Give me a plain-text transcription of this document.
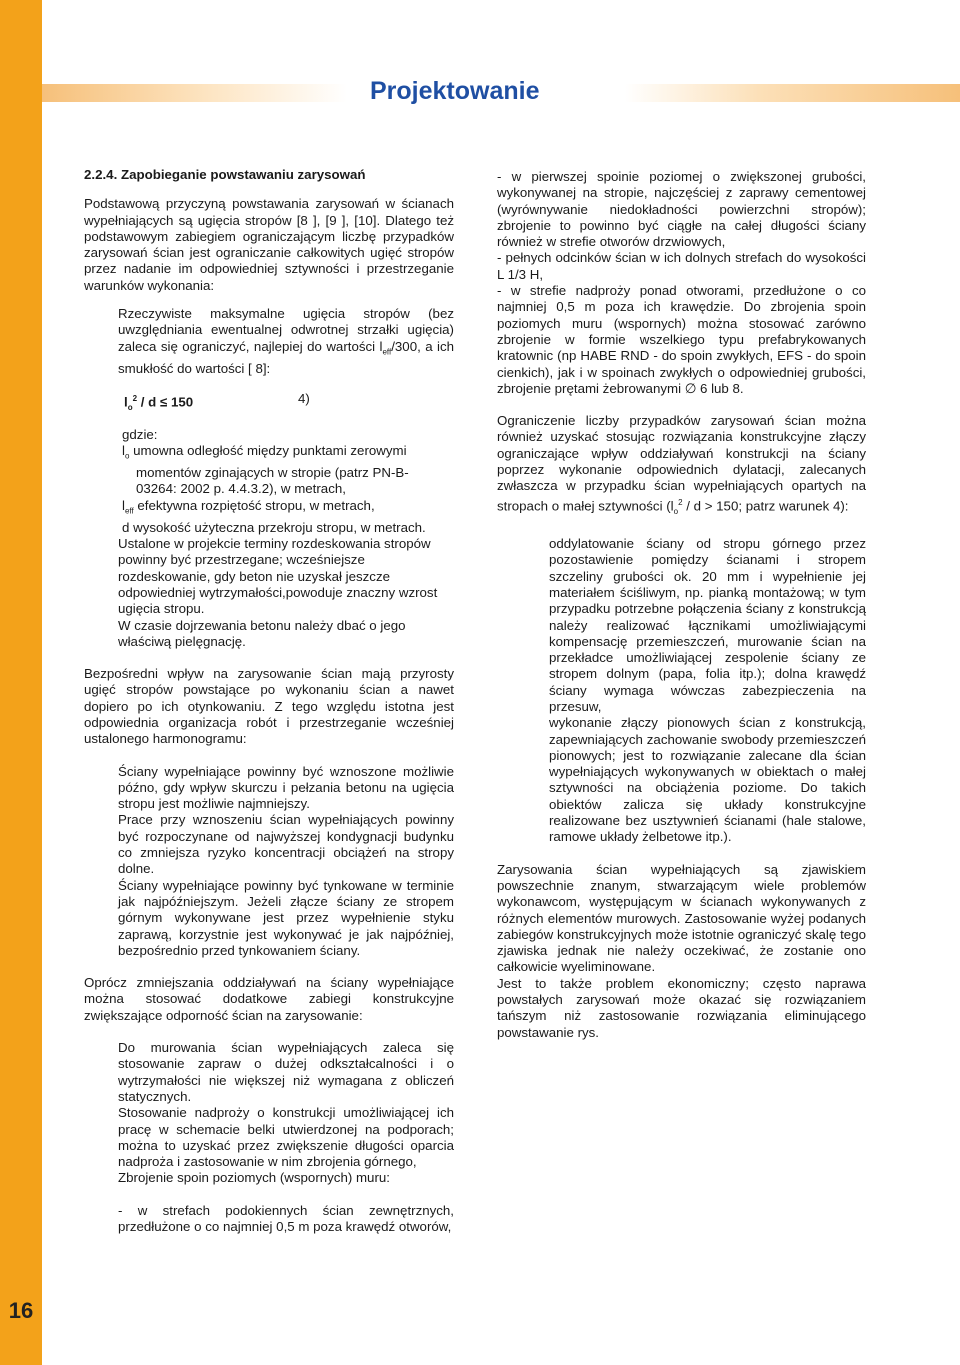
16
Projektowanie

2.2.4. Zapobieganie powstawaniu zarysowań

Podstawową przyczyną powstawania zarysowań w ścianach wypełniających są ugięcia stropów [8 ], [9 ], [10]. Dlatego też podstawowym zabiegiem ograniczającym liczbę przypadków zarysowań ścian jest ograniczanie całkowitych ugięć stropów przez nadanie im odpowiedniej sztywności i przestrzeganie warunków wykonania:

Rzeczywiste maksymalne ugięcia stropów (bez uwzględniania ewentualnej odwrotnej strzałki ugięcia) zaleca się ograniczyć, najlepiej do wartości $l_{eff}/300$, a ich smukłość do wartości [ 8]:

$l_o^2 / d \le 150$	4)

gdzie:

$l_o$ umowna odległość między punktami zerowymi

momentów zginających w stropie (patrz PN-B-

03264: 2002 p. 4.4.3.2), w metrach,

$l_{eff}$ efektywna rozpiętość stropu, w metrach,

d wysokość użyteczna przekroju stropu, w metrach.

Ustalone w projekcie terminy rozdeskowania stropów powinny być przestrzegane; wcześniejsze rozdeskowanie, gdy beton nie uzyskał jeszcze odpowiedniej wytrzymałości,powoduje znaczny wzrost ugięcia stropu.

W czasie dojrzewania betonu należy dbać o jego właściwą pielęgnację.

Bezpośredni wpływ na zarysowanie ścian mają przyrosty ugięć stropów powstające po wykonaniu ścian a nawet dopiero po ich otynkowaniu. Z tego względu istotna jest odpowiednia organizacja robót i przestrzeganie wcześniej ustalonego harmonogramu:

Ściany wypełniające powinny być wznoszone możliwie późno, gdy wpływ skurczu i pełzania betonu na ugięcia stropu jest możliwie najmniejszy.

Prace przy wznoszeniu ścian wypełniających powinny być rozpoczynane od najwyższej kondygnacji budynku co zmniejsza ryzyko koncentracji obciążeń na stropy dolne.

Ściany wypełniające powinny być tynkowane w terminie jak najpóźniejszym. Jeżeli złącze ściany ze stropem górnym wykonywane jest przez wypełnienie styku zaprawą, korzystnie jest wykonywać je jak najpóźniej, bezpośrednio przed tynkowaniem ściany.

Oprócz zmniejszania oddziaływań na ściany wypełniające można stosować dodatkowe zabiegi konstrukcyjne zwiększające odporność ścian na zarysowanie:

Do murowania ścian wypełniających zaleca się stosowanie zapraw o dużej odkształcalności i o wytrzymałości nie większej niż wymagana z obliczeń statycznych.

Stosowanie nadproży o konstrukcji umożliwiającej ich pracę w schemacie belki utwierdzonej na podporach; można to uzyskać przez zwiększenie długości oparcia nadproża i zastosowanie w nim zbrojenia górnego,

Zbrojenie spoin poziomych (wspornych) muru:

- w strefach podokiennych ścian zewnętrznych, przedłużone o co najmniej 0,5 m poza krawędź otworów,

- w pierwszej spoinie poziomej o zwiększonej grubości, wykonywanej na stropie, najczęściej z zaprawy cementowej (wyrównywanie niedokładności powierzchni stropów); zbrojenie to powinno być ciągłe na całej długości ściany również w strefie otworów drzwiowych,

- pełnych odcinków ścian w ich dolnych strefach do wysokości L 1/3 H,

- w strefie nadproży ponad otworami, przedłużone o co najmniej 0,5 m poza ich krawędzie. Do zbrojenia spoin poziomych muru (wspornych) można stosować zarówno zbrojenie w formie wszelkiego typu prefabrykowanych kratownic (np HABE RND - do spoin zwykłych, EFS - do spoin cienkich), jak i w spoinach zwykłych o odpowiedniej grubości, zbrojenie prętami żebrowanymi ∅ 6 lub 8.

Ograniczenie liczby przypadków zarysowań ścian można również uzyskać stosując rozwiązania konstrukcyjne złączy ograniczające wpływ oddziaływań konstrukcji na ściany poprzez wykonanie odpowiednich dylatacji, zalecanych zwłaszcza w przypadku ścian wypełniających opartych na stropach o małej sztywności ($l_o^2 / d > 150$; patrz warunek 4):

oddylatowanie ściany od stropu górnego przez pozostawienie pomiędzy ścianami i stropem szczeliny grubości ok. 20 mm i wypełnienie jej materiałem ściśliwym, np. pianką montażową; w tym przypadku potrzebne połączenia ściany z konstrukcją należy realizować łącznikami umożliwiającymi kompensację przemieszczeń, murowanie ścian na przekładce umożliwiającej zespolenie ściany ze stropem dolnym (papa, folia itp.); dolna krawędź ściany wymaga wówczas zabezpieczenia na przesuw,

wykonanie złączy pionowych ścian z konstrukcją, zapewniających zachowanie swobody przemieszczeń pionowych; jest to rozwiązanie zalecane dla ścian wypełniających wykonywanych w obiektach o małej sztywności na obciążenia poziome. Do takich obiektów zalicza się układy konstrukcyjne realizowane bez usztywnień ścianami (hale stalowe, ramowe układy żelbetowe itp.).

Zarysowania ścian wypełniających są zjawiskiem powszechnie znanym, stwarzającym wiele problemów wykonawcom, występującym w ścianach wykonywanych z różnych elementów murowych. Zastosowanie wyżej podanych zabiegów konstrukcyjnych może istotnie ograniczyć skalę tego zjawiska jednak nie należy oczekiwać, że zostanie ono całkowicie wyeliminowane.

Jest to także problem ekonomiczny; często naprawa powstałych zarysowań może okazać się rozwiązaniem tańszym niż zastosowanie rozwiązania eliminującego powstawanie rys.
